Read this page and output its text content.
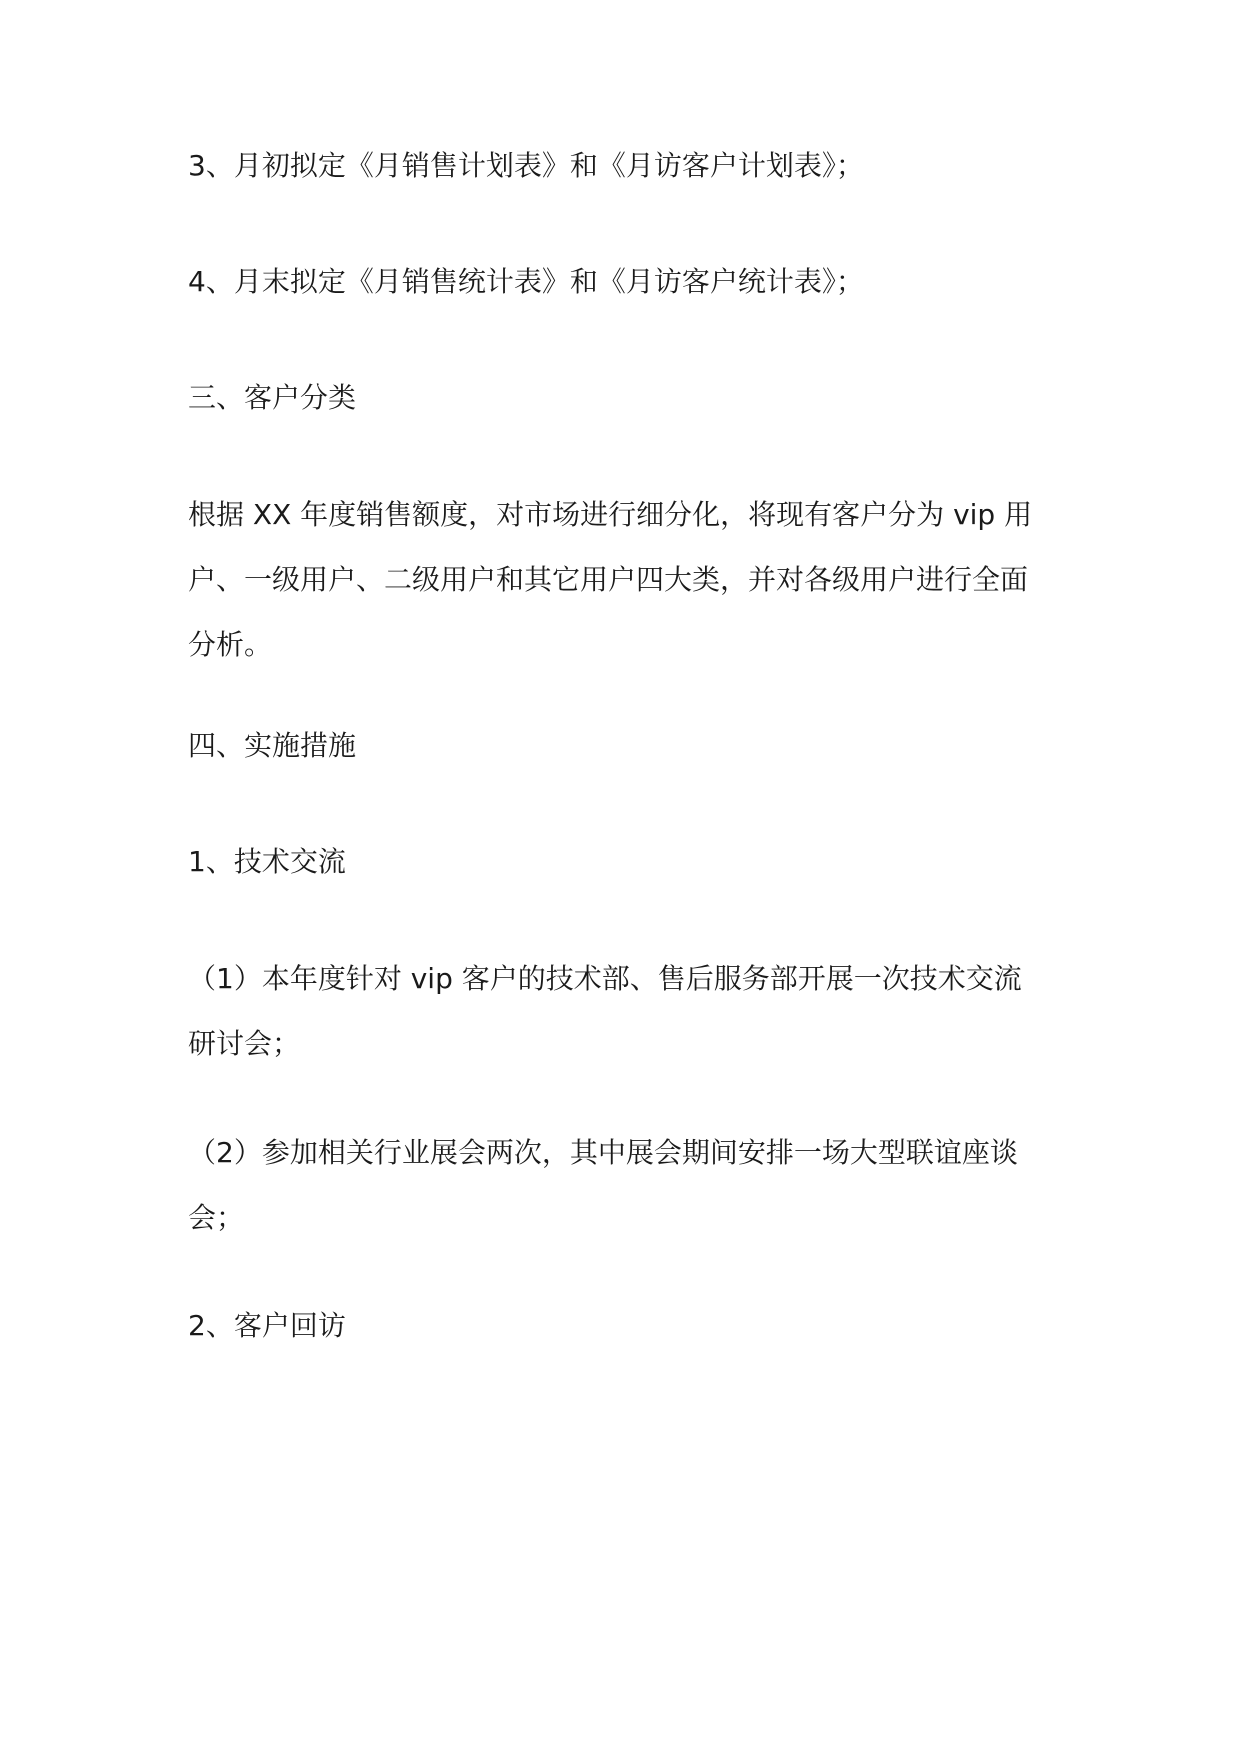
3、月初拟定《月销售计划表》和《月访客户计划表》；
4、月末拟定《月销售统计表》和《月访客户统计表》；
三、客户分类
根据 XX 年度销售额度，对市场进行细分化，将现有客户分为 vip 用
户、一级用户、二级用户和其它用户四大类，并对各级用户进行全面
分析。
四、实施措施
1、技术交流
（1）本年度针对 vip 客户的技术部、售后服务部开展一次技术交流
研讨会；
（2）参加相关行业展会两次，其中展会期间安排一场大型联谊座谈
会；
2、客户回访
